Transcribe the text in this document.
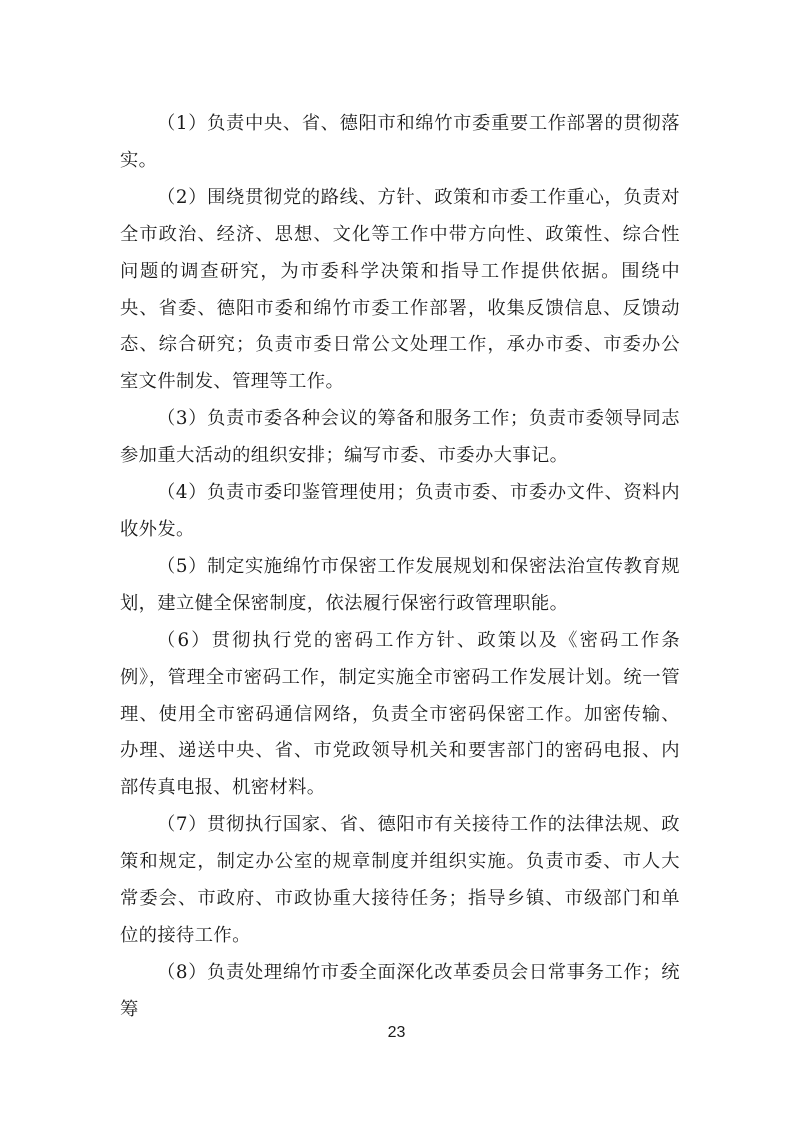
（1）负责中央、省、德阳市和绵竹市委重要工作部署的贯彻落实。

（2）围绕贯彻党的路线、方针、政策和市委工作重心，负责对全市政治、经济、思想、文化等工作中带方向性、政策性、综合性问题的调查研究，为市委科学决策和指导工作提供依据。围绕中央、省委、德阳市委和绵竹市委工作部署，收集反馈信息、反馈动态、综合研究；负责市委日常公文处理工作，承办市委、市委办公室文件制发、管理等工作。

（3）负责市委各种会议的筹备和服务工作；负责市委领导同志参加重大活动的组织安排；编写市委、市委办大事记。

（4）负责市委印鉴管理使用；负责市委、市委办文件、资料内收外发。

（5）制定实施绵竹市保密工作发展规划和保密法治宣传教育规划，建立健全保密制度，依法履行保密行政管理职能。

（6）贯彻执行党的密码工作方针、政策以及《密码工作条例》，管理全市密码工作，制定实施全市密码工作发展计划。统一管理、使用全市密码通信网络，负责全市密码保密工作。加密传输、办理、递送中央、省、市党政领导机关和要害部门的密码电报、内部传真电报、机密材料。

（7）贯彻执行国家、省、德阳市有关接待工作的法律法规、政策和规定，制定办公室的规章制度并组织实施。负责市委、市人大常委会、市政府、市政协重大接待任务；指导乡镇、市级部门和单位的接待工作。

（8）负责处理绵竹市委全面深化改革委员会日常事务工作；统筹

23
